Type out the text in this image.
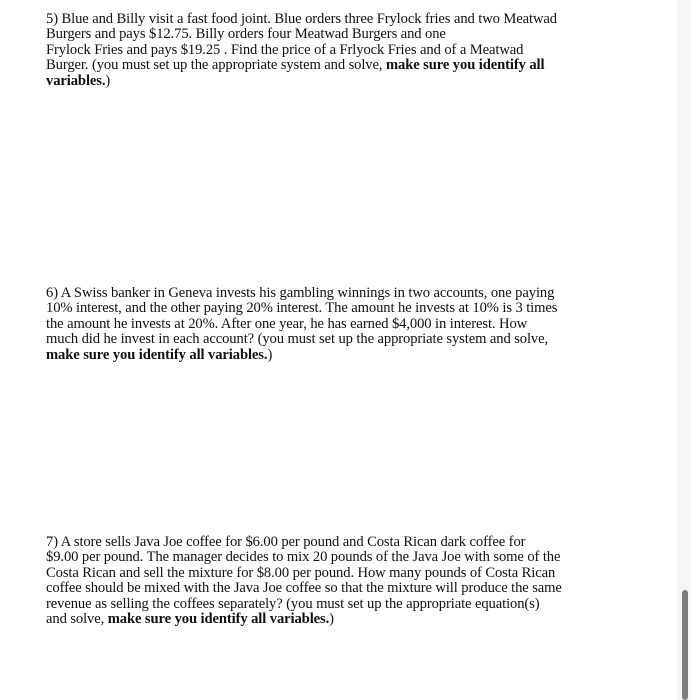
5) Blue and Billy visit a fast food joint. Blue orders three Frylock fries and two Meatwad
Burgers and pays $12.75. Billy orders four Meatwad Burgers and one
Frylock Fries and pays $19.25 . Find the price of a Frlyock Fries and of a Meatwad
Burger. (you must set up the appropriate system and solve, make sure you identify all
variables.)
6) A Swiss banker in Geneva invests his gambling winnings in two accounts, one paying
10% interest, and the other paying 20% interest. The amount he invests at 10% is 3 times
the amount he invests at 20%. After one year, he has earned $4,000 in interest. How
much did he invest in each account? (you must set up the appropriate system and solve,
make sure you identify all variables.)
7) A store sells Java Joe coffee for $6.00 per pound and Costa Rican dark coffee for
$9.00 per pound. The manager decides to mix 20 pounds of the Java Joe with some of the
Costa Rican and sell the mixture for $8.00 per pound. How many pounds of Costa Rican
coffee should be mixed with the Java Joe coffee so that the mixture will produce the same
revenue as selling the coffees separately? (you must set up the appropriate equation(s)
and solve, make sure you identify all variables.)
